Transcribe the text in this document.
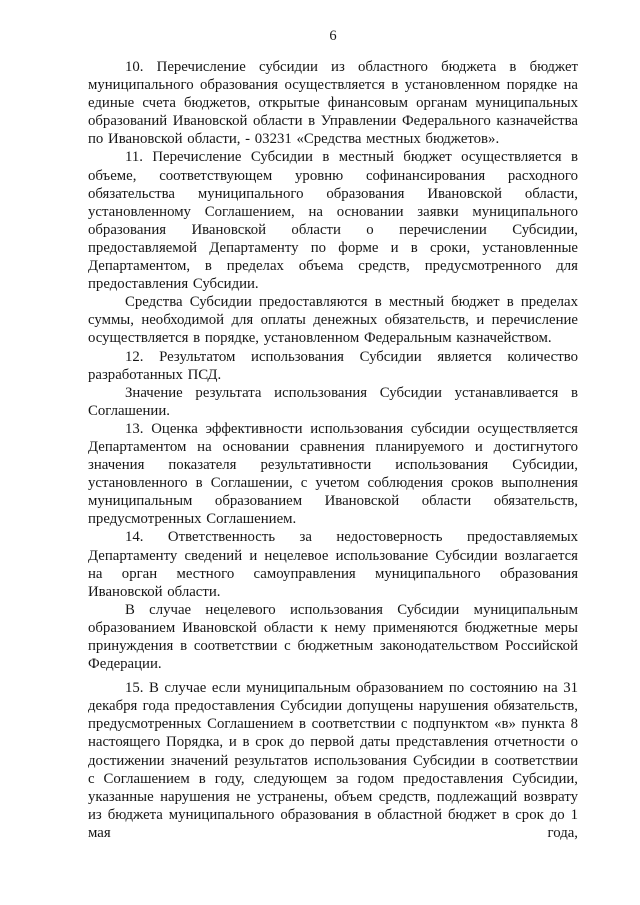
6

10. Перечисление субсидии из областного бюджета в бюджет муниципального образования осуществляется в установленном порядке на единые счета бюджетов, открытые финансовым органам муниципальных образований Ивановской области в Управлении Федерального казначейства по Ивановской области, - 03231 «Средства местных бюджетов».

11. Перечисление Субсидии в местный бюджет осуществляется в объеме, соответствующем уровню софинансирования расходного обязательства муниципального образования Ивановской области, установленному Соглашением, на основании заявки муниципального образования Ивановской области о перечислении Субсидии, предоставляемой Департаменту по форме и в сроки, установленные Департаментом, в пределах объема средств, предусмотренного для предоставления Субсидии.

Средства Субсидии предоставляются в местный бюджет в пределах суммы, необходимой для оплаты денежных обязательств, и перечисление осуществляется в порядке, установленном Федеральным казначейством.

12. Результатом использования Субсидии является количество разработанных ПСД.

Значение результата использования Субсидии устанавливается в Соглашении.

13. Оценка эффективности использования субсидии осуществляется Департаментом на основании сравнения планируемого и достигнутого значения показателя результативности использования Субсидии, установленного в Соглашении, с учетом соблюдения сроков выполнения муниципальным образованием Ивановской области обязательств, предусмотренных Соглашением.

14. Ответственность за недостоверность предоставляемых Департаменту сведений и нецелевое использование Субсидии возлагается на орган местного самоуправления муниципального образования Ивановской области.

В случае нецелевого использования Субсидии муниципальным образованием Ивановской области к нему применяются бюджетные меры принуждения в соответствии с бюджетным законодательством Российской Федерации.

15. В случае если муниципальным образованием по состоянию на 31 декабря года предоставления Субсидии допущены нарушения обязательств, предусмотренных Соглашением в соответствии с подпунктом «в» пункта 8 настоящего Порядка, и в срок до первой даты представления отчетности о достижении значений результатов использования Субсидии в соответствии с Соглашением в году, следующем за годом предоставления Субсидии, указанные нарушения не устранены, объем средств, подлежащий возврату из бюджета муниципального образования в областной бюджет в срок до 1 мая года,
